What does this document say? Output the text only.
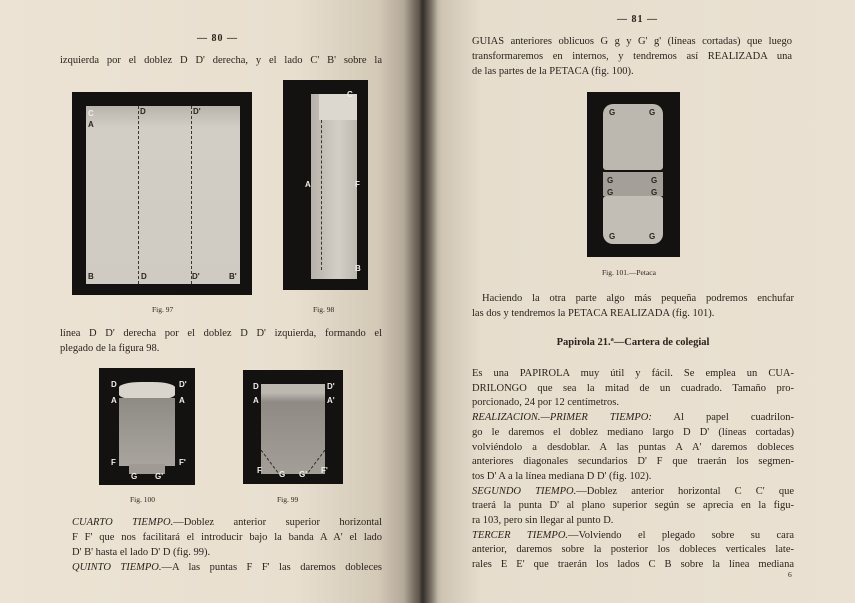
— 80 —
izquierda por el doblez D D' derecha, y el lado C' B' sobre la
C
A
D	D'
B	D	D'	B'
Fig. 97
C
A	F
B
Fig. 98
línea D D' derecha por el doblez D D' izquierda, formando el
plegado de la figura 98.
D	D'
A	A
F
G G'
F'
Fig. 100
D	D'
A	A'
F G G' F'
Fig. 99
CUARTO TIEMPO.—Doblez anterior superior horizontal
F F' que nos facilitará el introducir bajo la banda A A' el lado
D' B' hasta el lado D' D (fig. 99).
QUINTO TIEMPO.—A las puntas F F' las daremos dobleces
— 81 —
GUIAS anteriores oblicuos G g y G' g' (líneas cortadas) que luego
transformaremos en internos, y tendremos así REALIZADA una
de las partes de la PETACA (fig. 100).
G	G
G	G
G	G
G	G
Fig. 101.—Petaca
Haciendo la otra parte algo más pequeña podremos enchufar
las dos y tendremos la PETACA REALIZADA (fig. 101).
Papirola 21.ª—Cartera de colegial
Es una PAPIROLA muy útil y fácil. Se emplea un CUA-
DRILONGO que sea la mitad de un cuadrado. Tamaño pro-
porcionado, 24 por 12 centímetros.
REALIZACION.—PRIMER TIEMPO: Al papel cuadrilon-
go le daremos el doblez mediano largo D D' (líneas cortadas)
volviéndolo a desdoblar. A las puntas A A' daremos dobleces
anteriores diagonales secundarios D' F que traerán los segmen-
tos D' A a la línea mediana D D' (fig. 102).
SEGUNDO TIEMPO.—Doblez anterior horizontal C C' que
traerá la punta D' al plano superior según se aprecia en la figu-
ra 103, pero sin llegar al punto D.
TERCER TIEMPO.—Volviendo el plegado sobre su cara
anterior, daremos sobre la posterior los dobleces verticales late-
rales E E' que traerán los lados C B sobre la línea mediana
6
